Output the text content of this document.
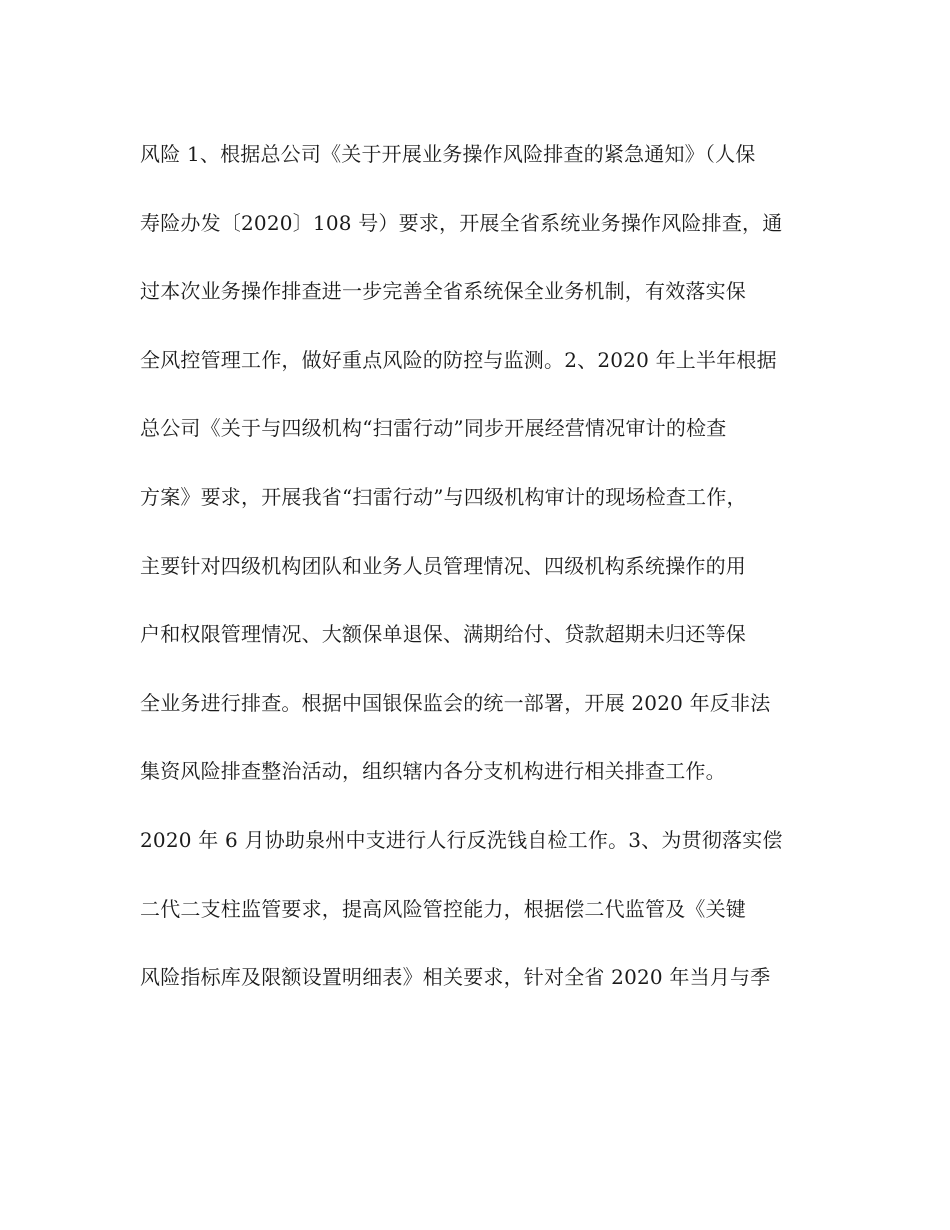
风险 1、根据总公司《关于开展业务操作风险排查的紧急通知》（人保
寿险办发〔2020〕108 号）要求，开展全省系统业务操作风险排查，通
过本次业务操作排查进一步完善全省系统保全业务机制，有效落实保
全风控管理工作，做好重点风险的防控与监测。2、2020 年上半年根据
总公司《关于与四级机构“扫雷行动”同步开展经营情况审计的检查
方案》要求，开展我省“扫雷行动”与四级机构审计的现场检查工作，
主要针对四级机构团队和业务人员管理情况、四级机构系统操作的用
户和权限管理情况、大额保单退保、满期给付、贷款超期未归还等保
全业务进行排查。根据中国银保监会的统一部署，开展 2020 年反非法
集资风险排查整治活动，组织辖内各分支机构进行相关排查工作。
2020 年 6 月协助泉州中支进行人行反洗钱自检工作。3、为贯彻落实偿
二代二支柱监管要求，提高风险管控能力，根据偿二代监管及《关键
风险指标库及限额设置明细表》相关要求，针对全省 2020 年当月与季
